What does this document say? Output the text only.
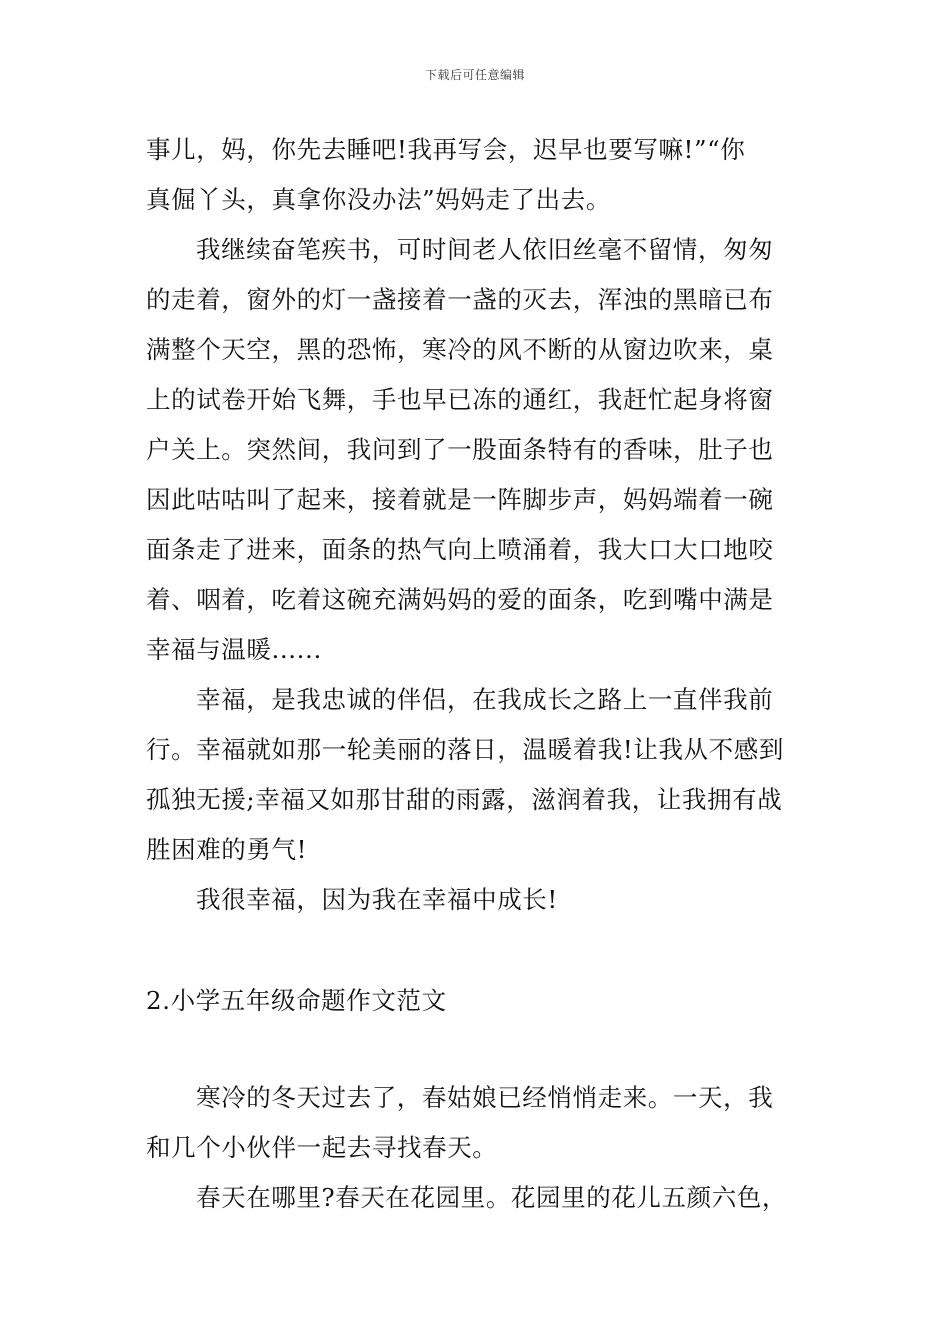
下载后可任意编辑
事儿，妈，你先去睡吧!我再写会，迟早也要写嘛!”“你
真倔丫头，真拿你没办法”妈妈走了出去。
我继续奋笔疾书，可时间老人依旧丝毫不留情，匆匆
的走着，窗外的灯一盏接着一盏的灭去，浑浊的黑暗已布
满整个天空，黑的恐怖，寒冷的风不断的从窗边吹来，桌
上的试卷开始飞舞，手也早已冻的通红，我赶忙起身将窗
户关上。突然间，我问到了一股面条特有的香味，肚子也
因此咕咕叫了起来，接着就是一阵脚步声，妈妈端着一碗
面条走了进来，面条的热气向上喷涌着，我大口大口地咬
着、咽着，吃着这碗充满妈妈的爱的面条，吃到嘴中满是
幸福与温暖......
幸福，是我忠诚的伴侣，在我成长之路上一直伴我前
行。幸福就如那一轮美丽的落日，温暖着我!让我从不感到
孤独无援;幸福又如那甘甜的雨露，滋润着我，让我拥有战
胜困难的勇气!
我很幸福，因为我在幸福中成长!
2.小学五年级命题作文范文
寒冷的冬天过去了，春姑娘已经悄悄走来。一天，我
和几个小伙伴一起去寻找春天。
春天在哪里?春天在花园里。花园里的花儿五颜六色，
